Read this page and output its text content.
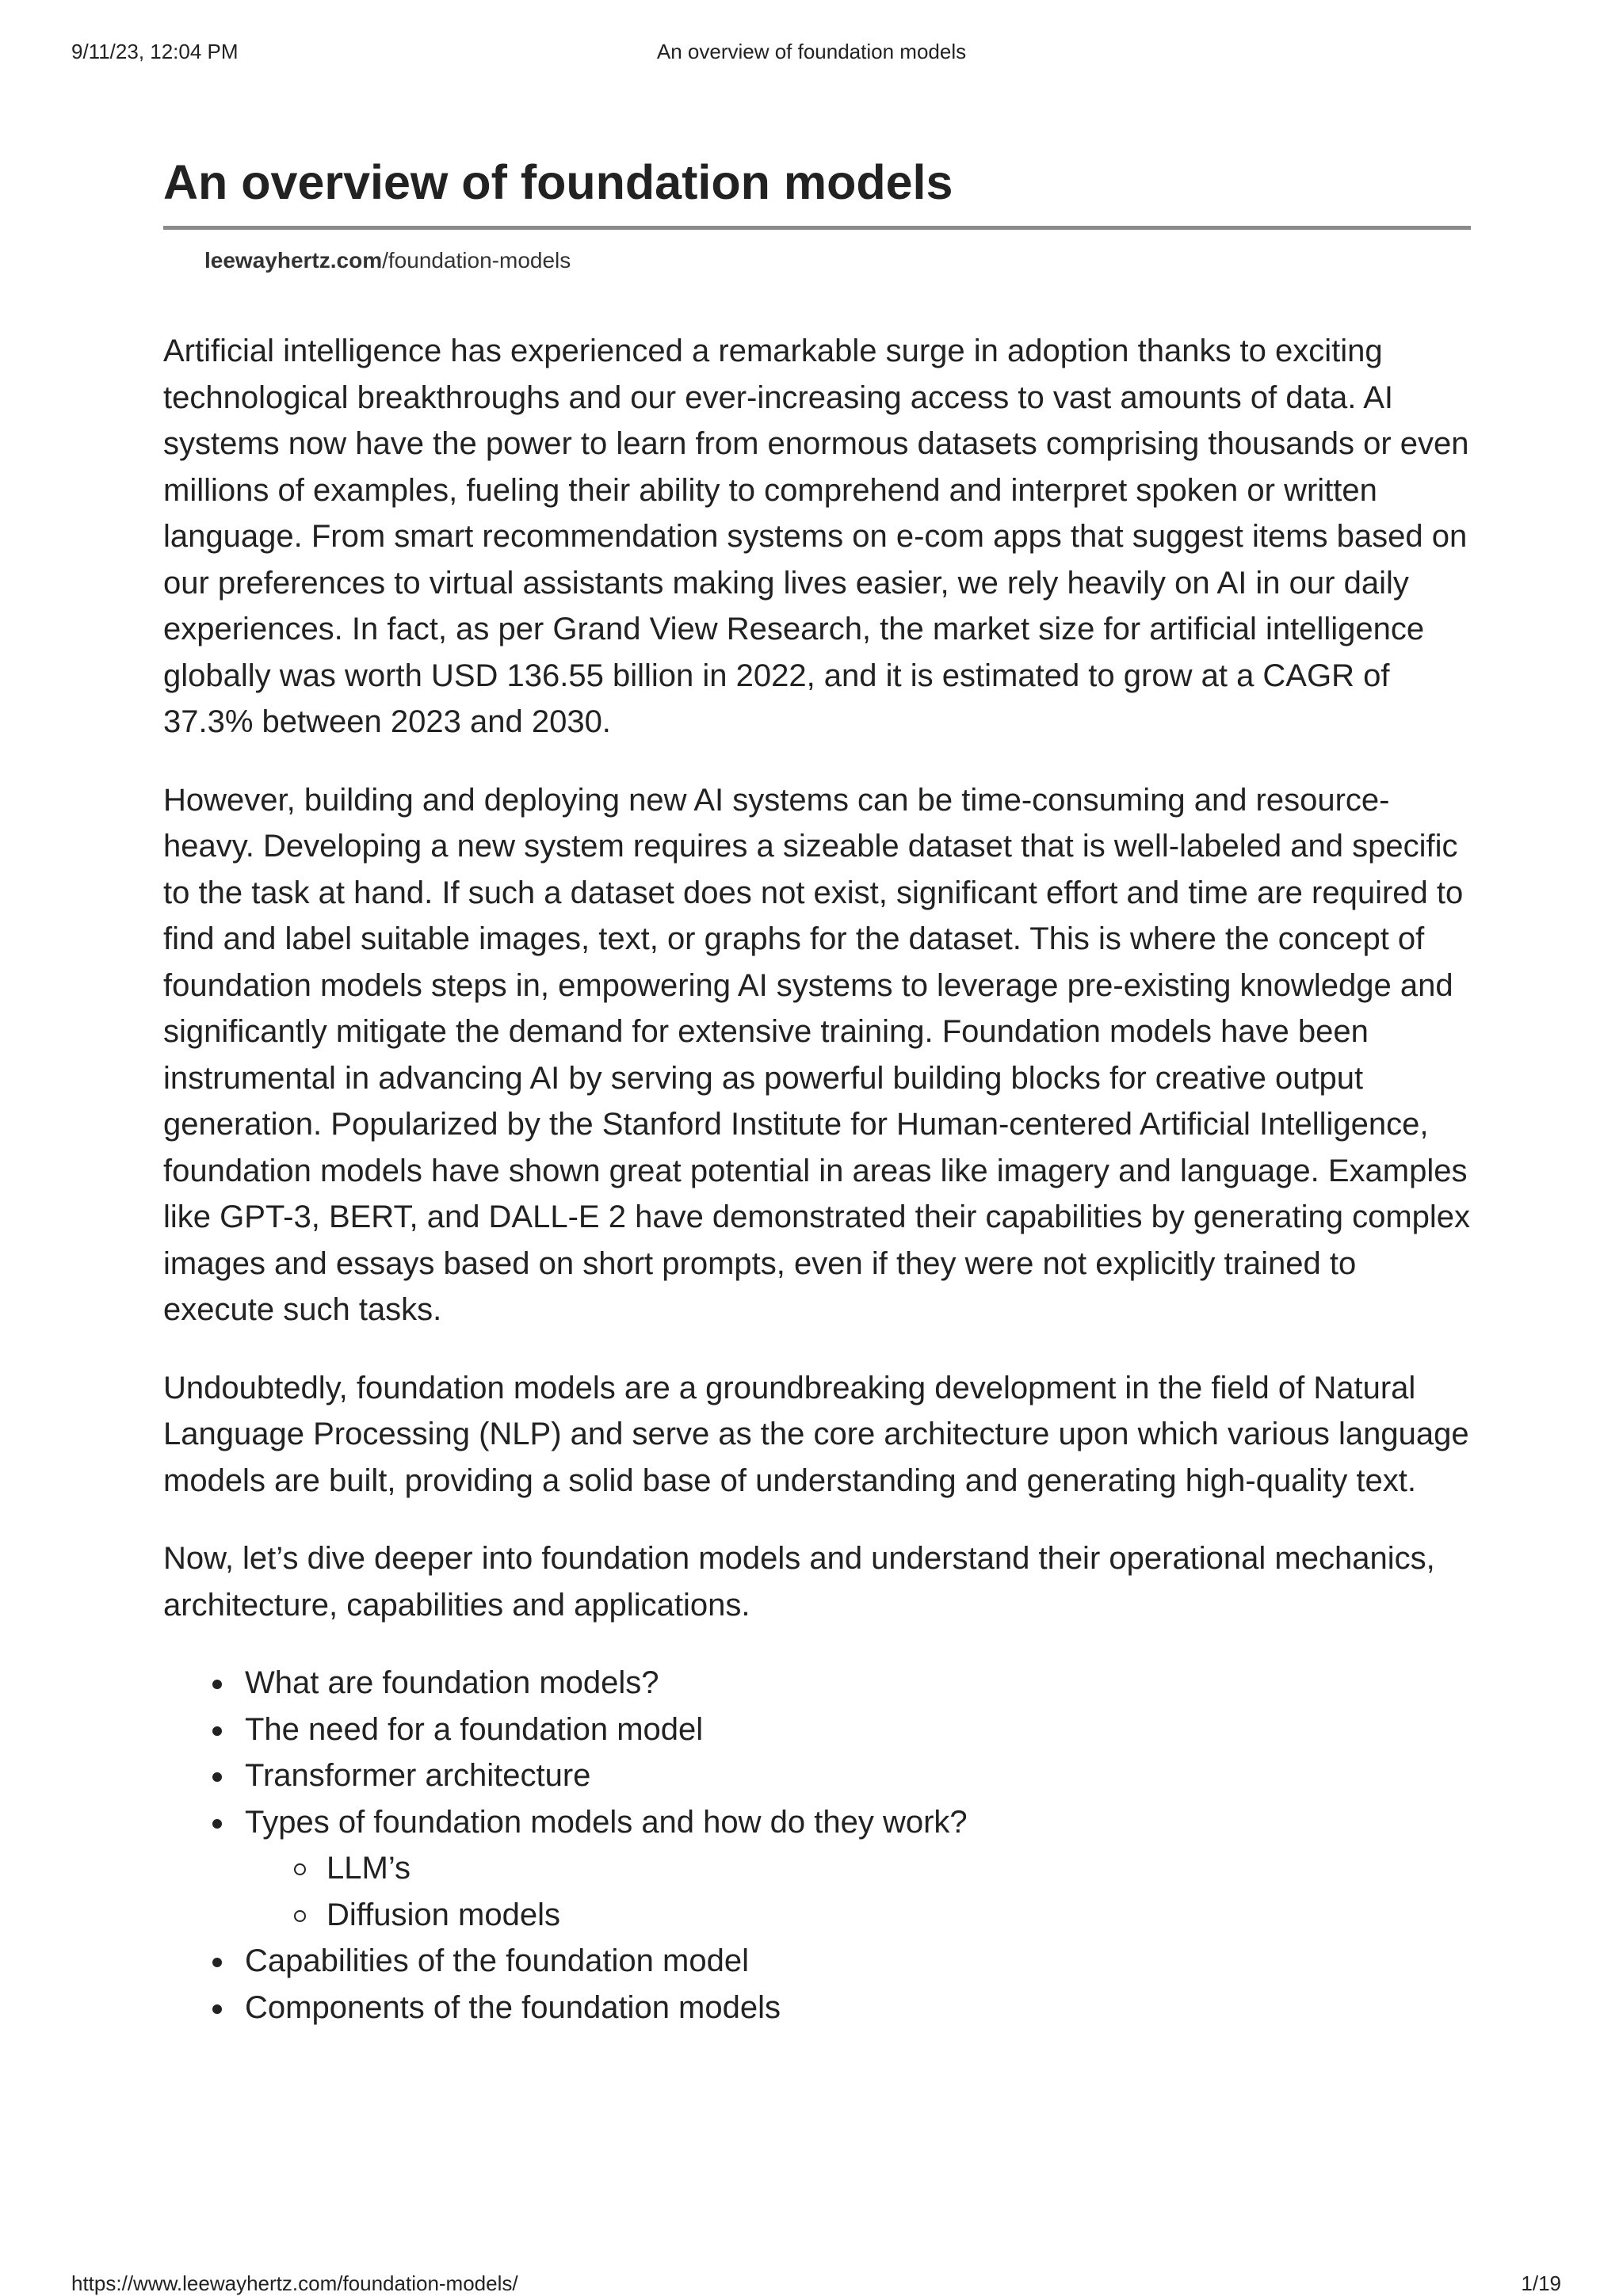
9/11/23, 12:04 PM	An overview of foundation models
An overview of foundation models
leewayhertz.com/foundation-models

Artificial intelligence has experienced a remarkable surge in adoption thanks to exciting technological breakthroughs and our ever-increasing access to vast amounts of data. AI systems now have the power to learn from enormous datasets comprising thousands or even millions of examples, fueling their ability to comprehend and interpret spoken or written language. From smart recommendation systems on e-com apps that suggest items based on our preferences to virtual assistants making lives easier, we rely heavily on AI in our daily experiences. In fact, as per Grand View Research, the market size for artificial intelligence globally was worth USD 136.55 billion in 2022, and it is estimated to grow at a CAGR of 37.3% between 2023 and 2030.

However, building and deploying new AI systems can be time-consuming and resource-heavy. Developing a new system requires a sizeable dataset that is well-labeled and specific to the task at hand. If such a dataset does not exist, significant effort and time are required to find and label suitable images, text, or graphs for the dataset. This is where the concept of foundation models steps in, empowering AI systems to leverage pre-existing knowledge and significantly mitigate the demand for extensive training. Foundation models have been instrumental in advancing AI by serving as powerful building blocks for creative output generation. Popularized by the Stanford Institute for Human-centered Artificial Intelligence, foundation models have shown great potential in areas like imagery and language. Examples like GPT-3, BERT, and DALL-E 2 have demonstrated their capabilities by generating complex images and essays based on short prompts, even if they were not explicitly trained to execute such tasks.

Undoubtedly, foundation models are a groundbreaking development in the field of Natural Language Processing (NLP) and serve as the core architecture upon which various language models are built, providing a solid base of understanding and generating high-quality text.

Now, let’s dive deeper into foundation models and understand their operational mechanics, architecture, capabilities and applications.

What are foundation models?
The need for a foundation model
Transformer architecture
Types of foundation models and how do they work?
LLM’s
Diffusion models
Capabilities of the foundation model
Components of the foundation models
https://www.leewayhertz.com/foundation-models/	1/19
